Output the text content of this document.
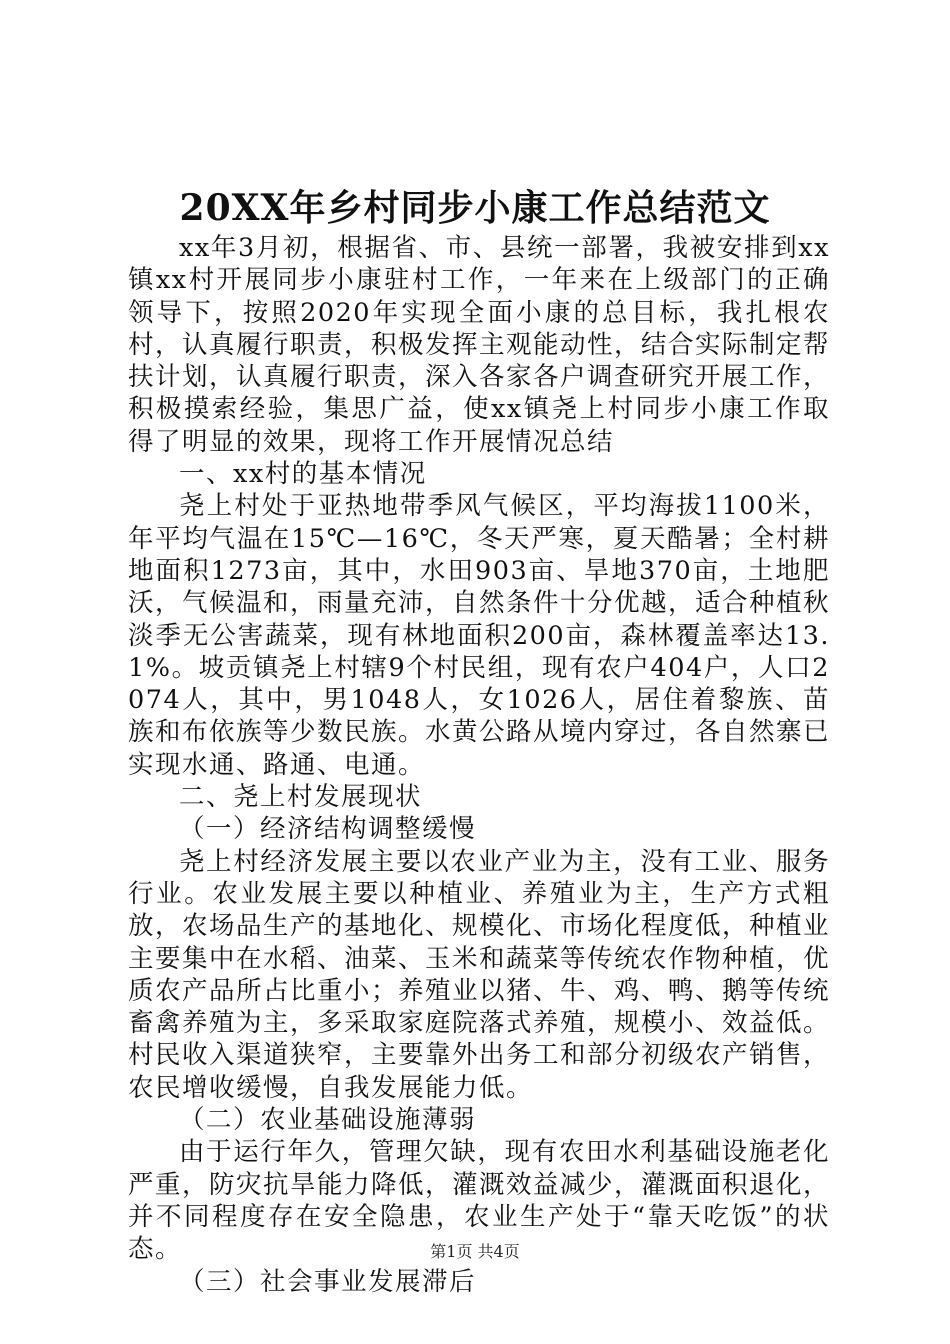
20XX年乡村同步小康工作总结范文

xx年3月初，根据省、市、县统一部署，我被安排到xx镇xx村开展同步小康驻村工作，一年来在上级部门的正确领导下，按照2020年实现全面小康的总目标，我扎根农村，认真履行职责，积极发挥主观能动性，结合实际制定帮扶计划，认真履行职责，深入各家各户调查研究开展工作，积极摸索经验，集思广益，使xx镇尧上村同步小康工作取得了明显的效果，现将工作开展情况总结

一、xx村的基本情况

尧上村处于亚热地带季风气候区，平均海拔1100米，年平均气温在15℃—16℃，冬天严寒，夏天酷暑；全村耕地面积1273亩，其中，水田903亩、旱地370亩，土地肥沃，气候温和，雨量充沛，自然条件十分优越，适合种植秋淡季无公害蔬菜，现有林地面积200亩，森林覆盖率达13.1%。坡贡镇尧上村辖9个村民组，现有农户404户，人口2074人，其中，男1048人，女1026人，居住着黎族、苗族和布依族等少数民族。水黄公路从境内穿过，各自然寨已实现水通、路通、电通。

二、尧上村发展现状

（一）经济结构调整缓慢

尧上村经济发展主要以农业产业为主，没有工业、服务行业。农业发展主要以种植业、养殖业为主，生产方式粗放，农场品生产的基地化、规模化、市场化程度低，种植业主要集中在水稻、油菜、玉米和蔬菜等传统农作物种植，优质农产品所占比重小；养殖业以猪、牛、鸡、鸭、鹅等传统畜禽养殖为主，多采取家庭院落式养殖，规模小、效益低。村民收入渠道狭窄，主要靠外出务工和部分初级农产销售，农民增收缓慢，自我发展能力低。

（二）农业基础设施薄弱

由于运行年久，管理欠缺，现有农田水利基础设施老化严重，防灾抗旱能力降低，灌溉效益减少，灌溉面积退化，并不同程度存在安全隐患，农业生产处于“靠天吃饭”的状态。

（三）社会事业发展滞后

第1页 共4页
